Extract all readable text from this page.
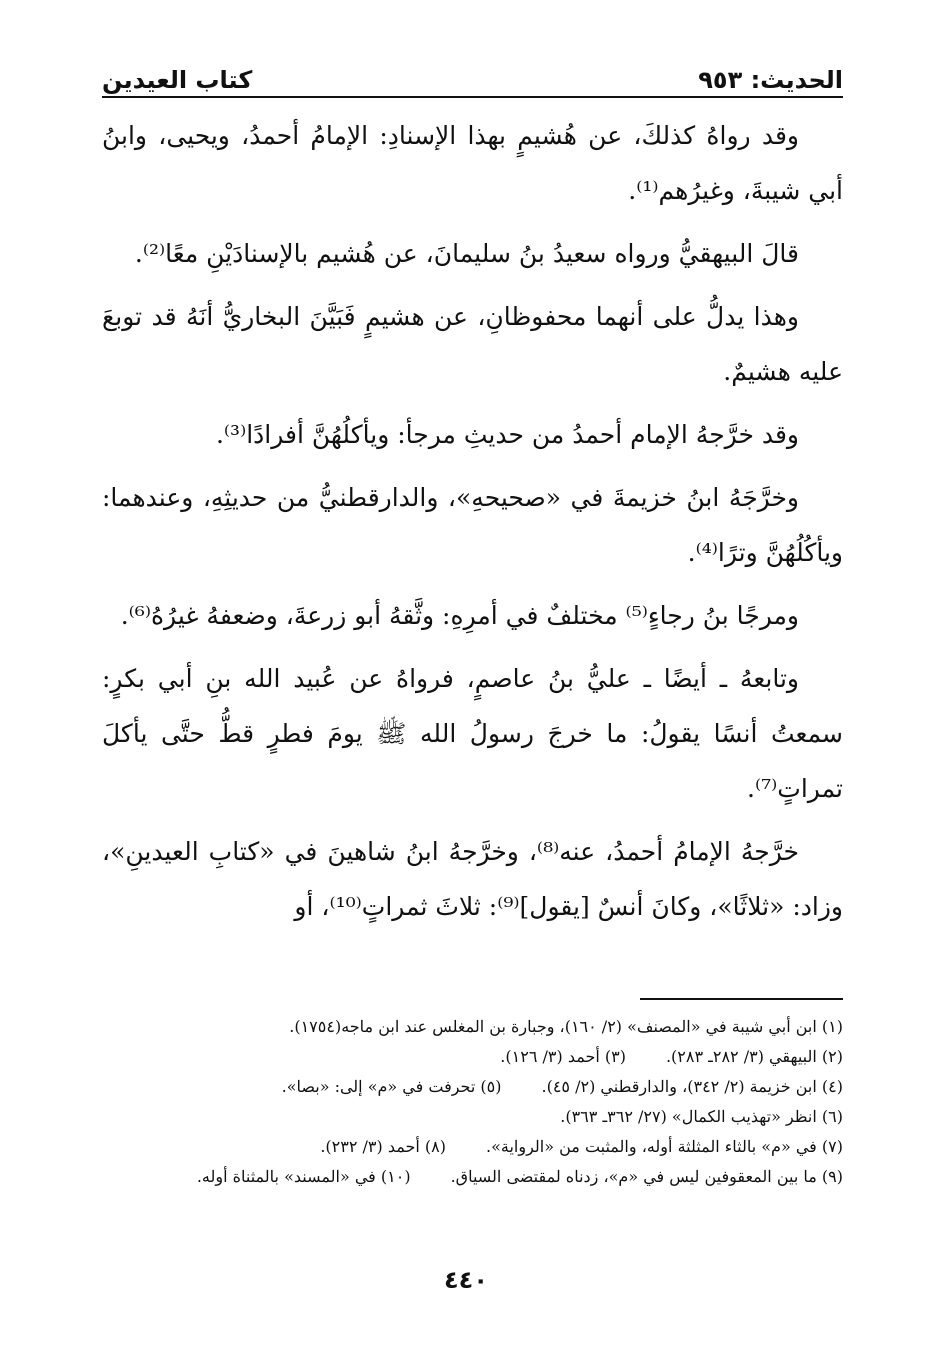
الحديث: ٩٥٣
كتاب العيدين

وقد رواهُ كذلكَ، عن هُشيمٍ بهذا الإسنادِ: الإمامُ أحمدُ، ويحيى، وابنُ أبي شيبةَ، وغيرُهم⁽¹⁾.

قالَ البيهقيُّ ورواه سعيدُ بنُ سليمانَ، عن هُشيم بالإسنادَيْنِ معًا⁽²⁾.

وهذا يدلُّ على أنهما محفوظانِ، عن هشيمٍ فَبَيَّنَ البخاريُّ أنَهُ قد توبعَ عليه هشيمٌ.

وقد خرَّجهُ الإمام أحمدُ من حديثِ مرجأ: ويأكلُهُنَّ أفرادًا⁽³⁾.

وخرَّجَهُ ابنُ خزيمةَ في «صحيحهِ»، والدارقطنيُّ من حديثِهِ، وعندهما: ويأكُلُهُنَّ وترًا⁽⁴⁾.

ومرجًا بنُ رجاءٍ⁽⁵⁾ مختلفٌ في أمرِهِ: وثَّقهُ أبو زرعةَ، وضعفهُ غيرُهُ⁽⁶⁾.

وتابعهُ ـ أيضًا ـ عليُّ بنُ عاصمٍ، فرواهُ عن عُبيد الله بنِ أبي بكرٍ: سمعتُ أنسًا يقولُ: ما خرجَ رسولُ الله ﷺ يومَ فطرٍ قطُّ حتَّى يأكلَ تمراتٍ⁽⁷⁾.

خرَّجهُ الإمامُ أحمدُ، عنه⁽⁸⁾، وخرَّجهُ ابنُ شاهينَ في «كتابِ العيدينِ»، وزاد: «ثلاثًا»، وكانَ أنسٌ [يقول]⁽⁹⁾: ثلاثَ ثمراتٍ⁽¹⁰⁾، أو

(١) ابن أبي شيبة في «المصنف» (٢/ ١٦٠)، وجبارة بن المغلس عند ابن ماجه(١٧٥٤).
(٢) البيهقي (٣/ ٢٨٢ـ ٢٨٣).
(٣) أحمد (٣/ ١٢٦).
(٤) ابن خزيمة (٢/ ٣٤٢)، والدارقطني (٢/ ٤٥).
(٥) تحرفت في «م» إلى: «بصا».
(٦) انظر «تهذيب الكمال» (٢٧/ ٣٦٢ـ ٣٦٣).
(٧) في «م» بالثاء المثلثة أوله، والمثبت من «الرواية».
(٨) أحمد (٣/ ٢٣٢).
(٩) ما بين المعقوفين ليس في «م»، زدناه لمقتضى السياق.
(١٠) في «المسند» بالمثناة أوله.
٤٤٠
